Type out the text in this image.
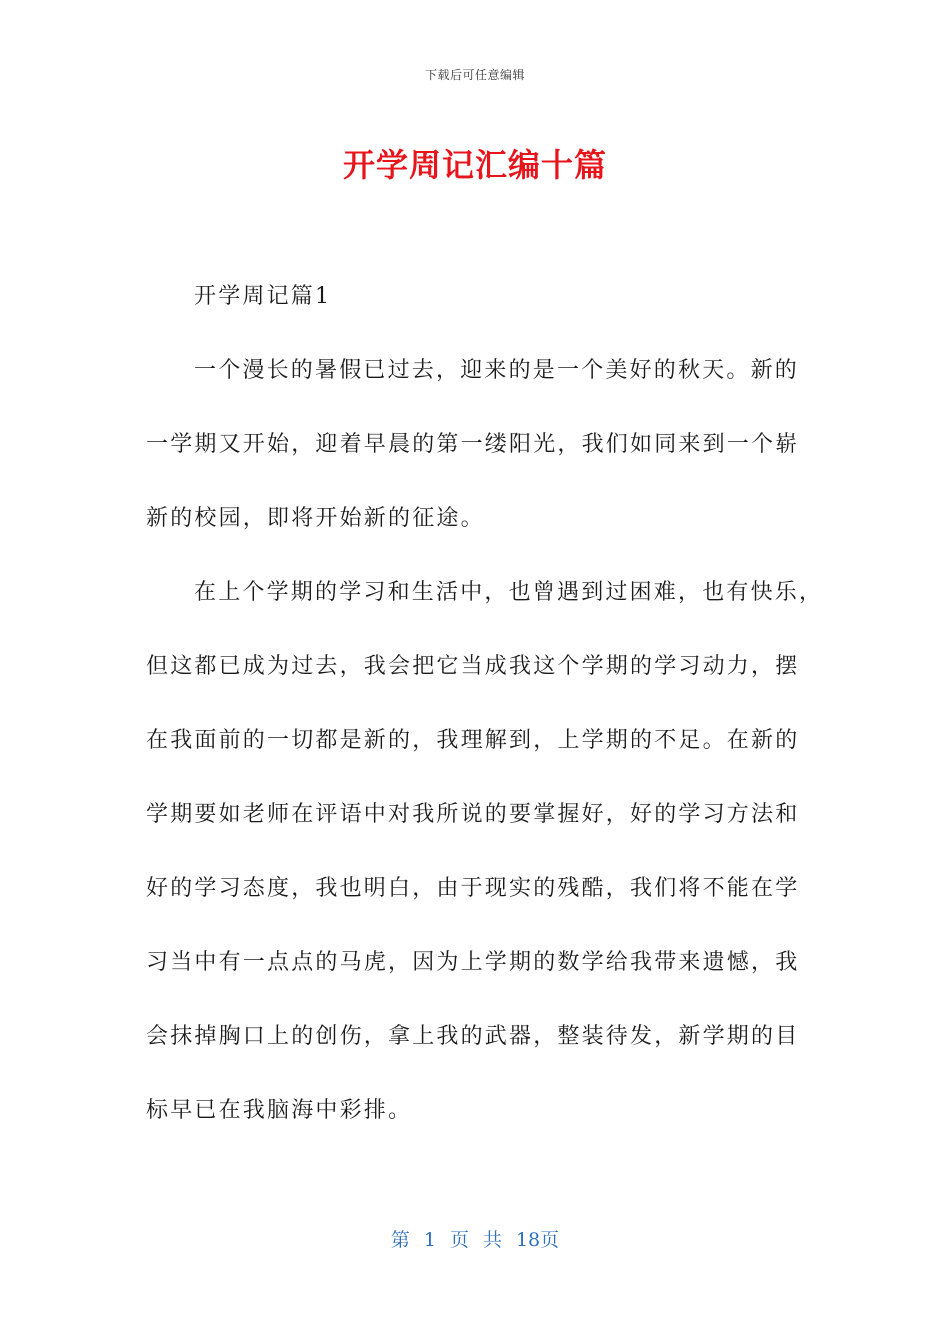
下载后可任意编辑
开学周记汇编十篇
开学周记篇1
一个漫长的暑假已过去，迎来的是一个美好的秋天。新的
一学期又开始，迎着早晨的第一缕阳光，我们如同来到一个崭
新的校园，即将开始新的征途。
在上个学期的学习和生活中，也曾遇到过困难，也有快乐，
但这都已成为过去，我会把它当成我这个学期的学习动力，摆
在我面前的一切都是新的，我理解到，上学期的不足。在新的
学期要如老师在评语中对我所说的要掌握好，好的学习方法和
好的学习态度，我也明白，由于现实的残酷，我们将不能在学
习当中有一点点的马虎，因为上学期的数学给我带来遗憾，我
会抹掉胸口上的创伤，拿上我的武器，整装待发，新学期的目
标早已在我脑海中彩排。
第 1 页 共 18页
